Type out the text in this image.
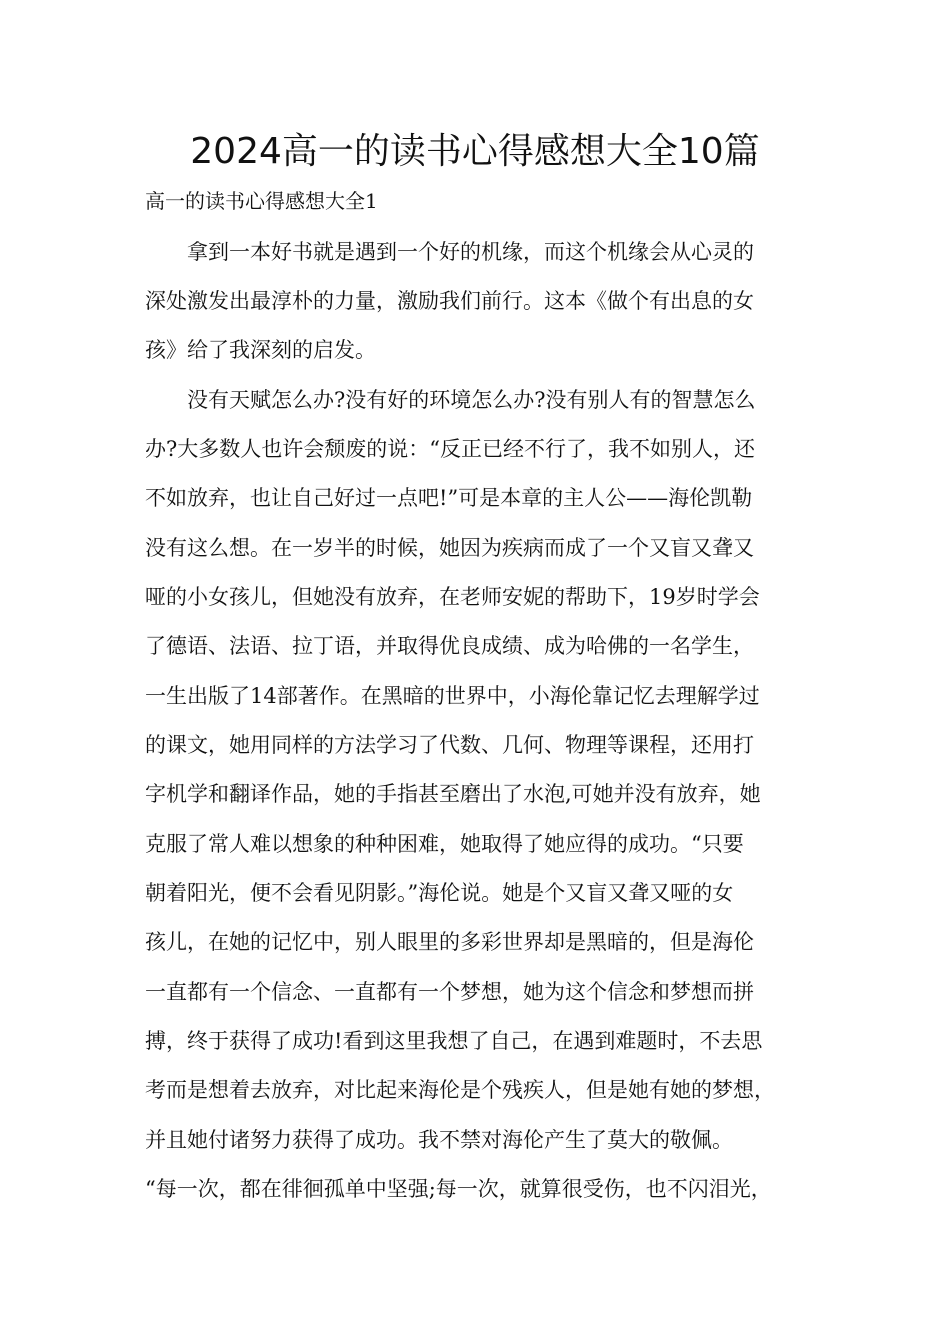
2024高一的读书心得感想大全10篇
高一的读书心得感想大全1
　　拿到一本好书就是遇到一个好的机缘，而这个机缘会从心灵的
深处激发出最淳朴的力量，激励我们前行。这本《做个有出息的女
孩》给了我深刻的启发。
　　没有天赋怎么办?没有好的环境怎么办?没有别人有的智慧怎么
办?大多数人也许会颓废的说：“反正已经不行了，我不如别人，还
不如放弃，也让自己好过一点吧!”可是本章的主人公——海伦凯勒
没有这么想。在一岁半的时候，她因为疾病而成了一个又盲又聋又
哑的小女孩儿，但她没有放弃，在老师安妮的帮助下，19岁时学会
了德语、法语、拉丁语，并取得优良成绩、成为哈佛的一名学生，
一生出版了14部著作。在黑暗的世界中，小海伦靠记忆去理解学过
的课文，她用同样的方法学习了代数、几何、物理等课程，还用打
字机学和翻译作品，她的手指甚至磨出了水泡,可她并没有放弃，她
克服了常人难以想象的种种困难，她取得了她应得的成功。“只要
朝着阳光，便不会看见阴影。”海伦说。她是个又盲又聋又哑的女
孩儿，在她的记忆中，别人眼里的多彩世界却是黑暗的，但是海伦
一直都有一个信念、一直都有一个梦想，她为这个信念和梦想而拼
搏，终于获得了成功!看到这里我想了自己，在遇到难题时，不去思
考而是想着去放弃，对比起来海伦是个残疾人，但是她有她的梦想，
并且她付诸努力获得了成功。我不禁对海伦产生了莫大的敬佩。
“每一次，都在徘徊孤单中坚强;每一次，就算很受伤，也不闪泪光，
